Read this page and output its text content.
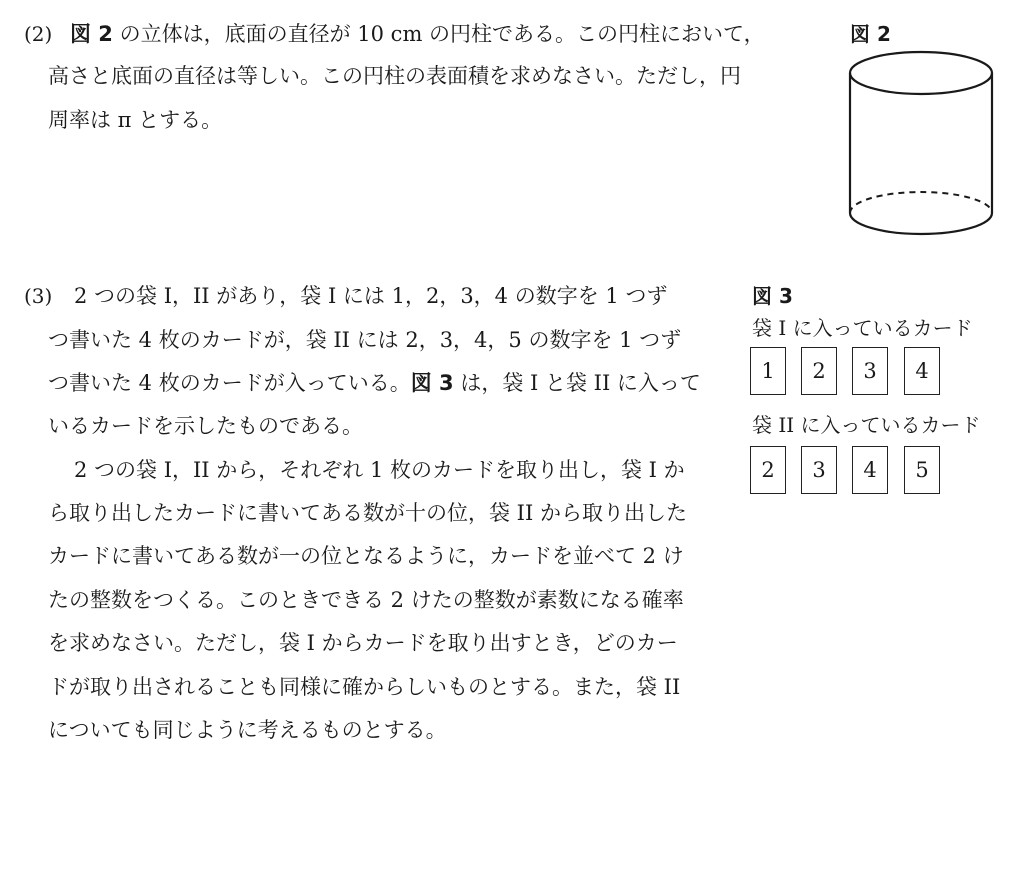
(2) 図 2 の立体は，底面の直径が 10 cm の円柱である。この円柱において，
高さと底面の直径は等しい。この円柱の表面積を求めなさい。ただし，円
周率は π とする。
図 2
(3) 2 つの袋 I，II があり，袋 I には 1，2，3，4 の数字を 1 つず
つ書いた 4 枚のカードが，袋 II には 2，3，4，5 の数字を 1 つず
つ書いた 4 枚のカードが入っている。図 3 は，袋 I と袋 II に入って
いるカードを示したものである。
2 つの袋 I，II から，それぞれ 1 枚のカードを取り出し，袋 I か
ら取り出したカードに書いてある数が十の位，袋 II から取り出した
カードに書いてある数が一の位となるように，カードを並べて 2 け
たの整数をつくる。このときできる 2 けたの整数が素数になる確率
を求めなさい。ただし，袋 I からカードを取り出すとき，どのカー
ドが取り出されることも同様に確からしいものとする。また，袋 II
についても同じように考えるものとする。
図 3
袋 I に入っているカード
1	2	3	4
袋 II に入っているカード
2	3	4	5
